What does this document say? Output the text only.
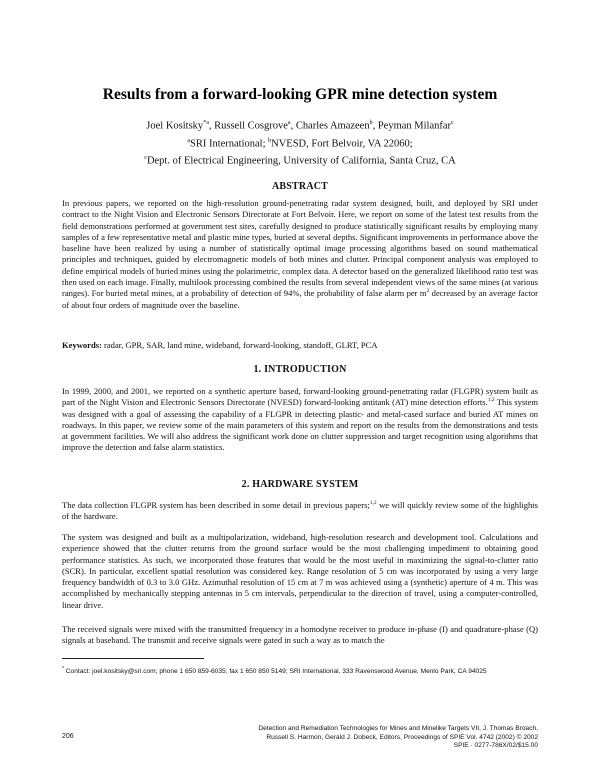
Results from a forward-looking GPR mine detection system
Joel Kositsky$^{*a}$, Russell Cosgrove$^a$, Charles Amazeen$^b$, Peyman Milanfar$^c$
$^a$SRI International; $^b$NVESD, Fort Belvoir, VA 22060;
$^c$Dept. of Electrical Engineering, University of California, Santa Cruz, CA
ABSTRACT

In previous papers, we reported on the high-resolution ground-penetrating radar system designed, built, and deployed by SRI under contract to the Night Vision and Electronic Sensors Directorate at Fort Belvoir. Here, we report on some of the latest test results from the field demonstrations performed at government test sites, carefully designed to produce statistically significant results by employing many samples of a few representative metal and plastic mine types, buried at several depths. Significant improvements in performance above the baseline have been realized by using a number of statistically optimal image processing algorithms based on sound mathematical principles and techniques, guided by electromagnetic models of both mines and clutter. Principal component analysis was employed to define empirical models of buried mines using the polarimetric, complex data. A detector based on the generalized likelihood ratio test was then used on each image. Finally, multilook processing combined the results from several independent views of the same mines (at various ranges). For buried metal mines, at a probability of detection of 94%, the probability of false alarm per $m^2$ decreased by an average factor of about four orders of magnitude over the baseline.

Keywords: radar, GPR, SAR, land mine, wideband, forward-looking, standoff, GLRT, PCA

1. INTRODUCTION

In 1999, 2000, and 2001, we reported on a synthetic aperture based, forward-looking ground-penetrating radar (FLGPR) system built as part of the Night Vision and Electronic Sensors Directorate (NVESD) forward-looking antitank (AT) mine detection efforts.$^{1,2}$ This system was designed with a goal of assessing the capability of a FLGPR in detecting plastic- and metal-cased surface and buried AT mines on roadways. In this paper, we review some of the main parameters of this system and report on the results from the demonstrations and tests at government facilities. We will also address the significant work done on clutter suppression and target recognition using algorithms that improve the detection and false alarm statistics.

2. HARDWARE SYSTEM

The data collection FLGPR system has been described in some detail in previous papers;$^{1,2}$ we will quickly review some of the highlights of the hardware.

The system was designed and built as a multipolarization, wideband, high-resolution research and development tool. Calculations and experience showed that the clutter returns from the ground surface would be the most challenging impediment to obtaining good performance statistics. As such, we incorporated those features that would be the most useful in maximizing the signal-to-clutter ratio (SCR). In particular, excellent spatial resolution was considered key. Range resolution of 5 cm was incorporated by using a very large frequency bandwidth of 0.3 to 3.0 GHz. Azimuthal resolution of 15 cm at 7 m was achieved using a (synthetic) aperture of 4 m. This was accomplished by mechanically stepping antennas in 5 cm intervals, perpendicular to the direction of travel, using a computer-controlled, linear drive.

The received signals were mixed with the transmitted frequency in a homodyne receiver to produce in-phase (I) and quadrature-phase (Q) signals at baseband. The transmit and receive signals were gated in such a way as to match the

* Contact: joel.kositsky@sri.com; phone 1 650 859-6035; fax 1 650 850 5149; SRI International, 333 Ravenswood Avenue, Menlo Park, CA 94025
206
Detection and Remediation Technologies for Mines and Minelike Targets VII, J. Thomas Broach,
Russell S. Harmon, Gerald J. Dobeck, Editors, Proceedings of SPIE Vol. 4742 (2002) © 2002
SPIE · 0277-786X/02/$15.00
